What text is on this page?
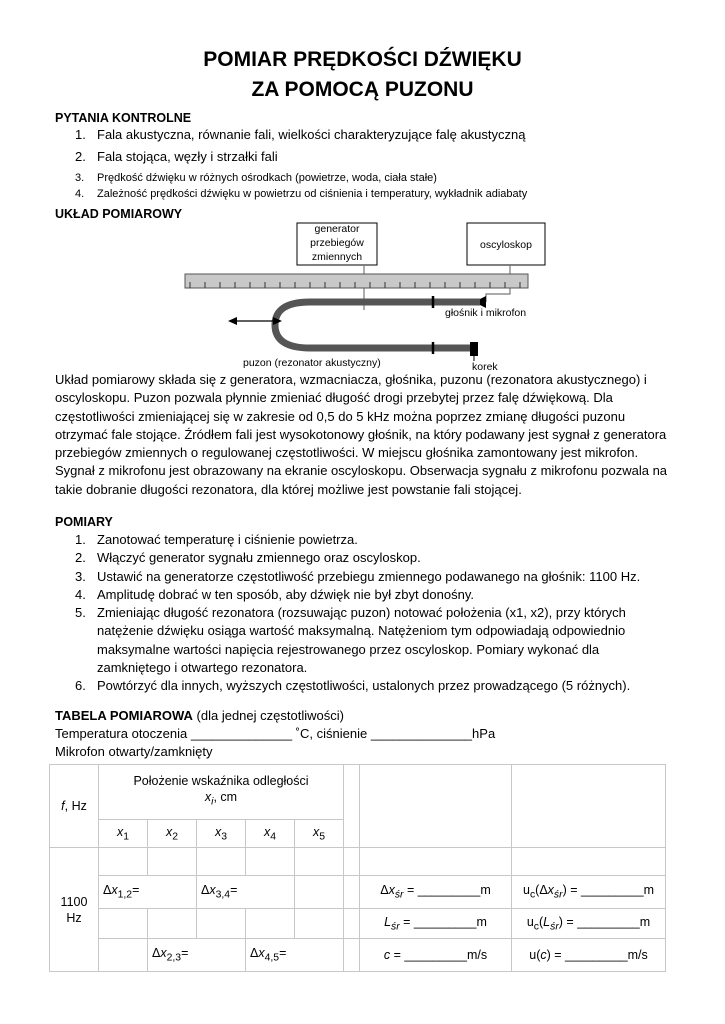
POMIAR PRĘDKOŚCI DŹWIĘKU
ZA POMOCĄ PUZONU
PYTANIA KONTROLNE
1. Fala akustyczna, równanie fali, wielkości charakteryzujące falę akustyczną
2. Fala stojąca, węzły i strzałki fali
3. Prędkość dźwięku w różnych ośrodkach (powietrze, woda, ciała stałe)
4. Zależność prędkości dźwięku w powietrzu od ciśnienia i temperatury, wykładnik adiabaty
UKŁAD POMIAROWY
generator
przebiegów
zmiennych
oscyloskop
głośnik i mikrofon
puzon (rezonator akustyczny)	korek
Układ pomiarowy składa się z generatora, wzmacniacza, głośnika, puzonu (rezonatora akustycznego) i oscyloskopu. Puzon pozwala płynnie zmieniać długość drogi przebytej przez falę dźwiękową. Dla częstotliwości zmieniającej się w zakresie od 0,5 do 5 kHz można poprzez zmianę długości puzonu otrzymać fale stojące. Źródłem fali jest wysokotonowy głośnik, na który podawany jest sygnał z generatora przebiegów zmiennych o regulowanej częstotliwości. W miejscu głośnika zamontowany jest mikrofon. Sygnał z mikrofonu jest obrazowany na ekranie oscyloskopu. Obserwacja sygnału z mikrofonu pozwala na takie dobranie długości rezonatora, dla której możliwe jest powstanie fali stojącej.
POMIARY
1. Zanotować temperaturę i ciśnienie powietrza.
2. Włączyć generator sygnału zmiennego oraz oscyloskop.
3. Ustawić na generatorze częstotliwość przebiegu zmiennego podawanego na głośnik: 1100 Hz.
4. Amplitudę dobrać w ten sposób, aby dźwięk nie był zbyt donośny.
5. Zmieniając długość rezonatora (rozsuwając puzon) notować położenia (x1, x2), przy których natężenie dźwięku osiąga wartość maksymalną. Natężeniom tym odpowiadają odpowiednio maksymalne wartości napięcia rejestrowanego przez oscyloskop. Pomiary wykonać dla zamkniętego i otwartego rezonatora.
6. Powtórzyć dla innych, wyższych częstotliwości, ustalonych przez prowadzącego (5 różnych).
TABELA POMIAROWA (dla jednej częstotliwości)
Temperatura otoczenia ______________ ˚C, ciśnienie ______________hPa
Mikrofon otwarty/zamknięty
f, Hz	Położenie wskaźnika odległości
$x_i$, cm							

	$x_1$	$x_2$	$x_3$	$x_4$	$x_5$

1100
Hz								

	$\Delta x_{1,2}=$		$\Delta x_{3,4}=$				$\Delta x_{śr}$ = _________m	$u_c(\Delta x_{śr})$ = _________m
							$L_{śr}$ = _________m	$u_c(L_{śr})$ = _________m
		$\Delta x_{2,3}=$		$\Delta x_{4,5}=$			c = _________m/s	u(c) = _________m/s
